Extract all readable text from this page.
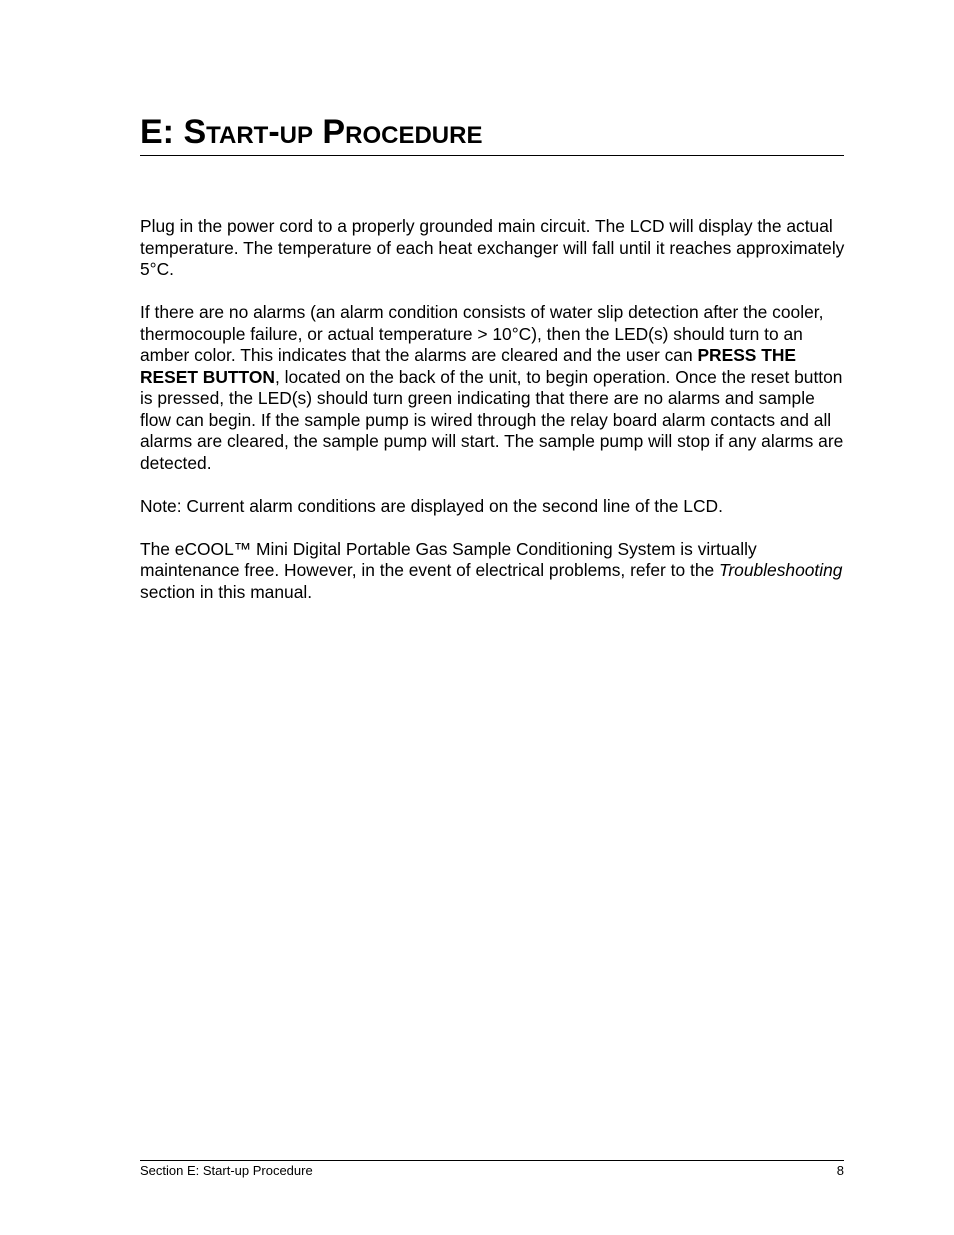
E: Start-up Procedure

Plug in the power cord to a properly grounded main circuit. The LCD will display the actual temperature. The temperature of each heat exchanger will fall until it reaches approximately 5°C.

If there are no alarms (an alarm condition consists of water slip detection after the cooler, thermocouple failure, or actual temperature > 10°C), then the LED(s) should turn to an amber color. This indicates that the alarms are cleared and the user can PRESS THE RESET BUTTON, located on the back of the unit, to begin operation. Once the reset button is pressed, the LED(s) should turn green indicating that there are no alarms and sample flow can begin. If the sample pump is wired through the relay board alarm contacts and all alarms are cleared, the sample pump will start. The sample pump will stop if any alarms are detected.

Note: Current alarm conditions are displayed on the second line of the LCD.

The eCOOL™ Mini Digital Portable Gas Sample Conditioning System is virtually maintenance free. However, in the event of electrical problems, refer to the Troubleshooting section in this manual.

Section E: Start-up Procedure	8
